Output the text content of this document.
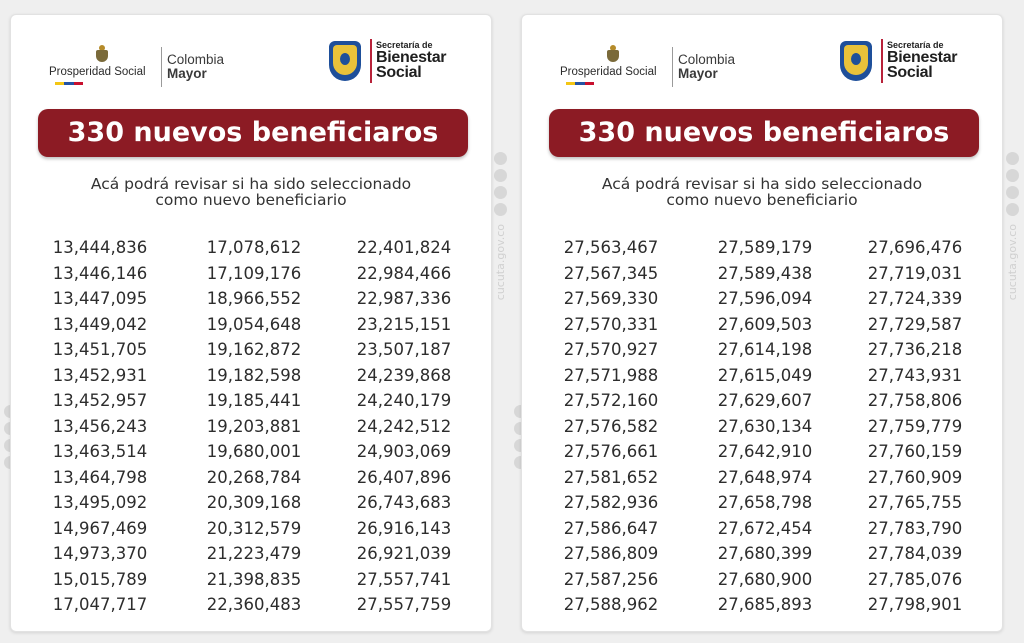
cucuta.gov.co	cucuta.gov.co
Prosperidad Social
Colombia
Mayor
Secretaría de
Bienestar
Social
330 nuevos beneficiaros
Acá podrá revisar si ha sido seleccionado
como nuevo beneficiario
13,444,836
13,446,146
13,447,095
13,449,042
13,451,705
13,452,931
13,452,957
13,456,243
13,463,514
13,464,798
13,495,092
14,967,469
14,973,370
15,015,789
17,047,717
17,078,612
17,109,176
18,966,552
19,054,648
19,162,872
19,182,598
19,185,441
19,203,881
19,680,001
20,268,784
20,309,168
20,312,579
21,223,479
21,398,835
22,360,483
22,401,824
22,984,466
22,987,336
23,215,151
23,507,187
24,239,868
24,240,179
24,242,512
24,903,069
26,407,896
26,743,683
26,916,143
26,921,039
27,557,741
27,557,759
Prosperidad Social
Colombia
Mayor
Secretaría de
Bienestar
Social
330 nuevos beneficiaros
Acá podrá revisar si ha sido seleccionado
como nuevo beneficiario
27,563,467
27,567,345
27,569,330
27,570,331
27,570,927
27,571,988
27,572,160
27,576,582
27,576,661
27,581,652
27,582,936
27,586,647
27,586,809
27,587,256
27,588,962
27,589,179
27,589,438
27,596,094
27,609,503
27,614,198
27,615,049
27,629,607
27,630,134
27,642,910
27,648,974
27,658,798
27,672,454
27,680,399
27,680,900
27,685,893
27,696,476
27,719,031
27,724,339
27,729,587
27,736,218
27,743,931
27,758,806
27,759,779
27,760,159
27,760,909
27,765,755
27,783,790
27,784,039
27,785,076
27,798,901
